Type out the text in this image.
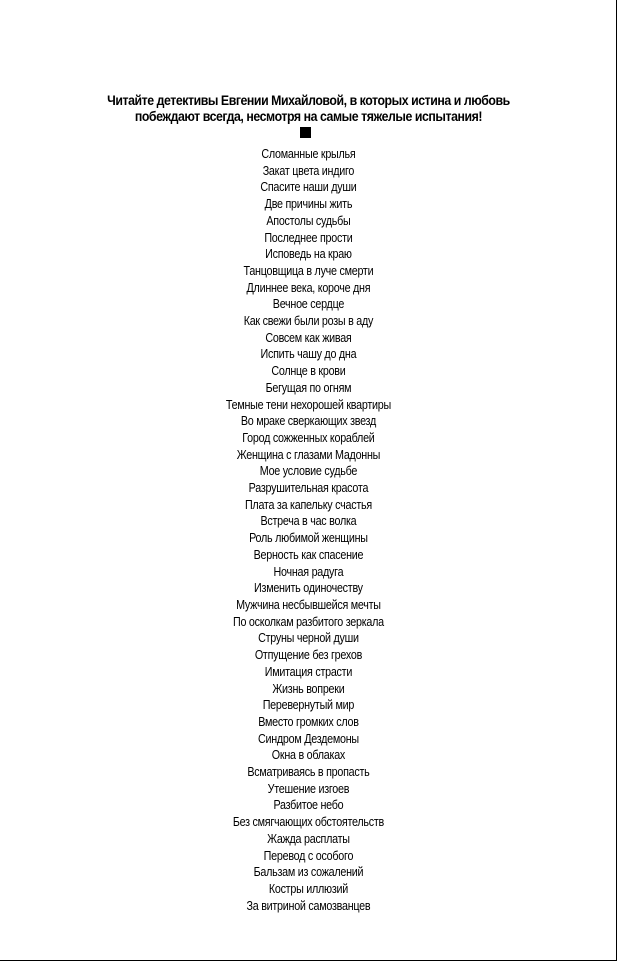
Читайте детективы Евгении Михайловой, в которых истина и любовь
побеждают всегда, несмотря на самые тяжелые испытания!
Сломанные крылья
Закат цвета индиго
Спасите наши души
Две причины жить
Апостолы судьбы
Последнее прости
Исповедь на краю
Танцовщица в луче смерти
Длиннее века, короче дня
Вечное сердце
Как свежи были розы в аду
Совсем как живая
Испить чашу до дна
Солнце в крови
Бегущая по огням
Темные тени нехорошей квартиры
Во мраке сверкающих звезд
Город сожженных кораблей
Женщина с глазами Мадонны
Мое условие судьбе
Разрушительная красота
Плата за капельку счастья
Встреча в час волка
Роль любимой женщины
Верность как спасение
Ночная радуга
Изменить одиночеству
Мужчина несбывшейся мечты
По осколкам разбитого зеркала
Струны черной души
Отпущение без грехов
Имитация страсти
Жизнь вопреки
Перевернутый мир
Вместо громких слов
Синдром Дездемоны
Окна в облаках
Всматриваясь в пропасть
Утешение изгоев
Разбитое небо
Без смягчающих обстоятельств
Жажда расплаты
Перевод с особого
Бальзам из сожалений
Костры иллюзий
За витриной самозванцев
